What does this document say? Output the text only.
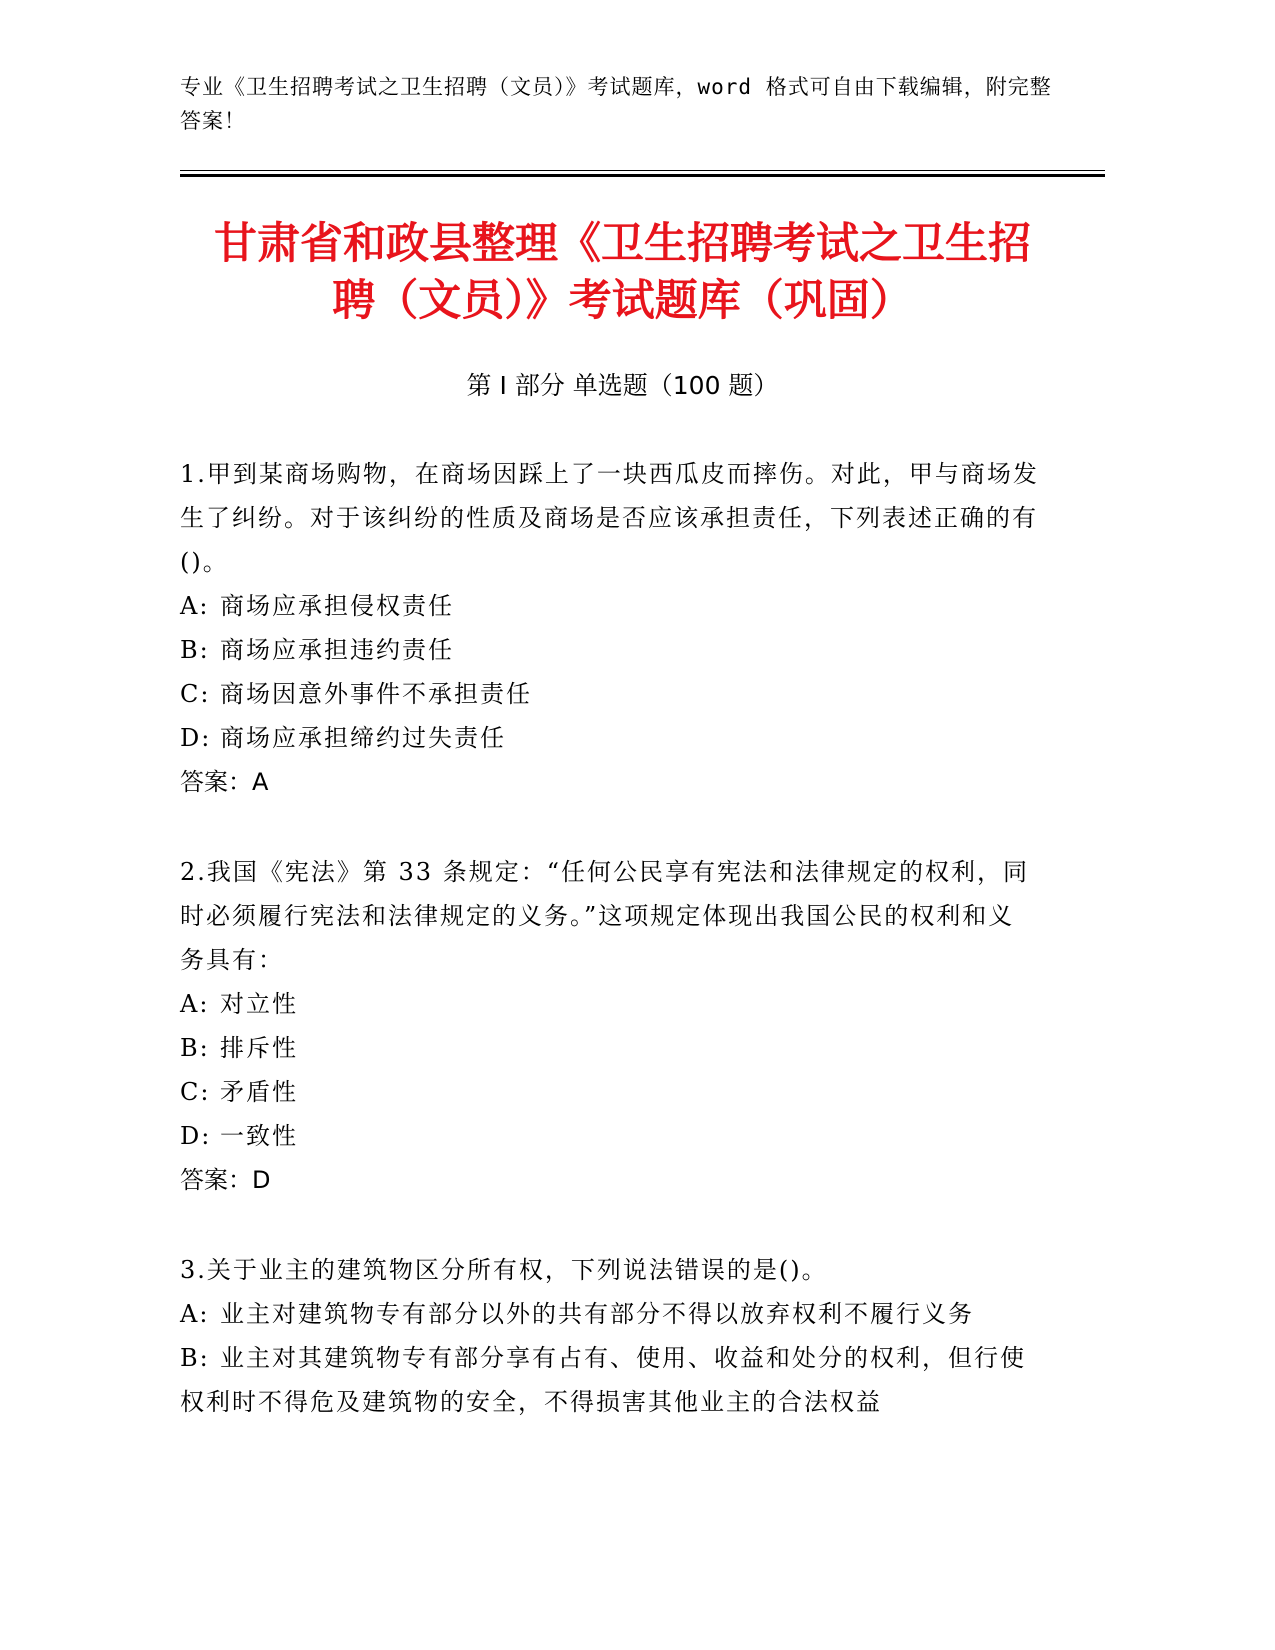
专业《卫生招聘考试之卫生招聘（文员）》考试题库，word 格式可自由下载编辑，附完整答案！
甘肃省和政县整理《卫生招聘考试之卫生招
聘（文员）》考试题库（巩固）
第 I 部分 单选题（100 题）
1.甲到某商场购物，在商场因踩上了一块西瓜皮而摔伤。对此，甲与商场发生了纠纷。对于该纠纷的性质及商场是否应该承担责任，下列表述正确的有()。
A: 商场应承担侵权责任
B: 商场应承担违约责任
C: 商场因意外事件不承担责任
D: 商场应承担缔约过失责任
答案：A
2.我国《宪法》第 33 条规定：“任何公民享有宪法和法律规定的权利，同时必须履行宪法和法律规定的义务。”这项规定体现出我国公民的权利和义务具有：
A: 对立性
B: 排斥性
C: 矛盾性
D: 一致性
答案：D
3.关于业主的建筑物区分所有权，下列说法错误的是()。
A: 业主对建筑物专有部分以外的共有部分不得以放弃权利不履行义务
B: 业主对其建筑物专有部分享有占有、使用、收益和处分的权利，但行使权利时不得危及建筑物的安全，不得损害其他业主的合法权益
